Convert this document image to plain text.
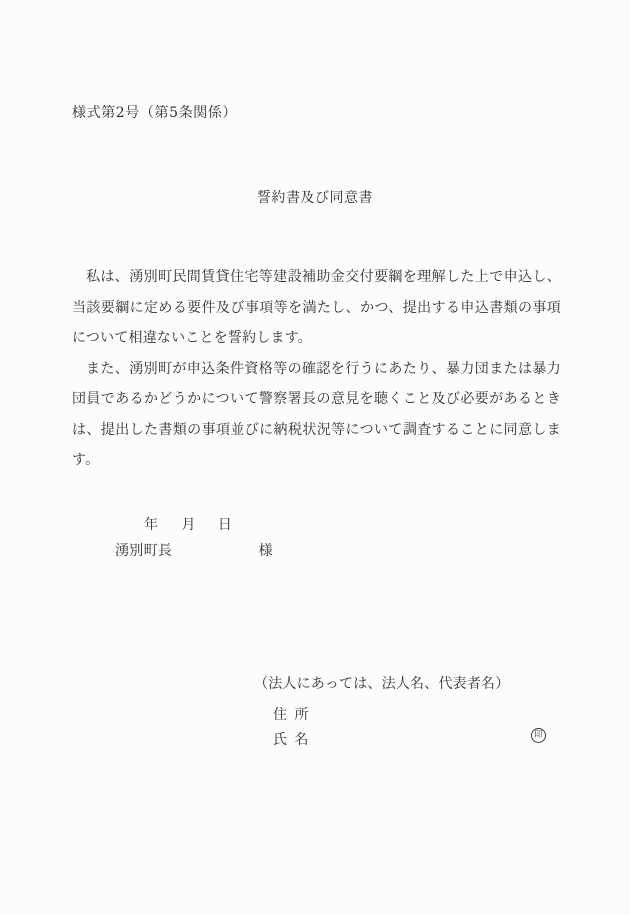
様式第2号（第5条関係）
誓約書及び同意書

私は、湧別町民間賃貸住宅等建設補助金交付要綱を理解した上で申込し、当該要綱に定める要件及び事項等を満たし、かつ、提出する申込書類の事項について相違ないことを誓約します。

また、湧別町が申込条件資格等の確認を行うにあたり、暴力団または暴力団員であるかどうかについて警察署長の意見を聴くこと及び必要があるときは、提出した書類の事項並びに納税状況等について調査することに同意します。

年 月 日
湧別町長	様
（法人にあっては、法人名、代表者名）
住 所
氏 名	印
